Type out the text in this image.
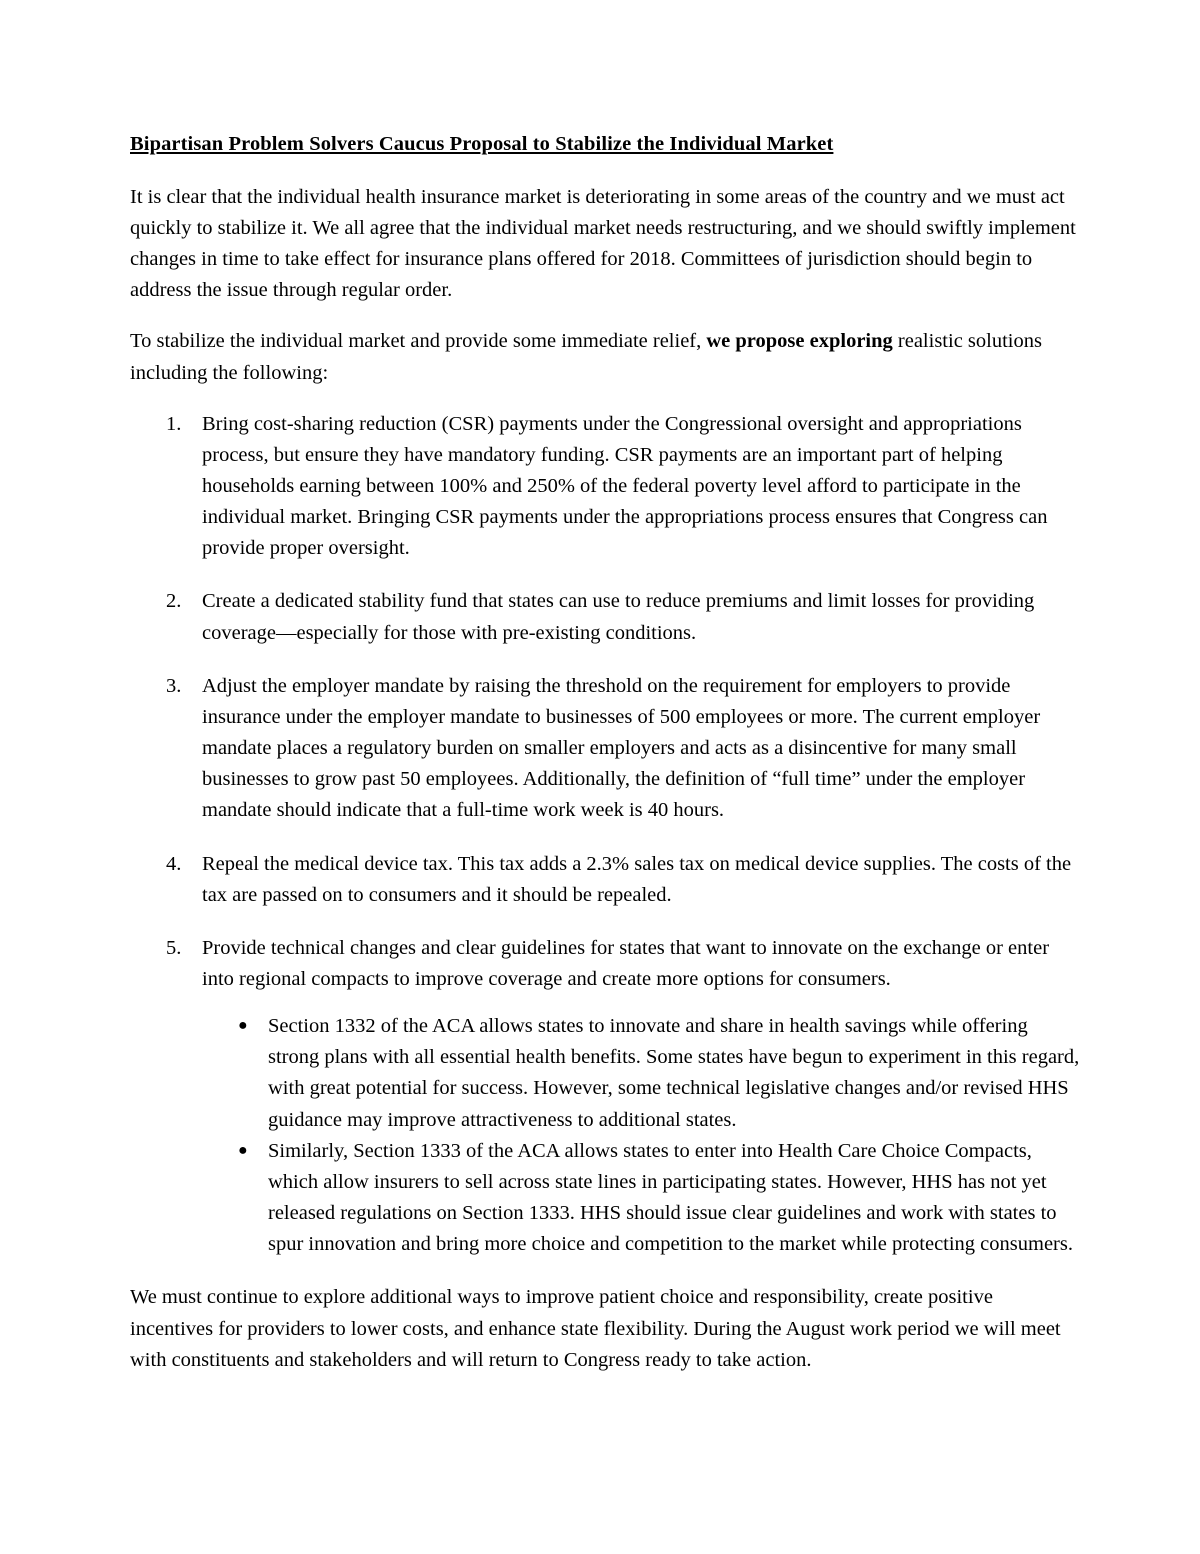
Bipartisan Problem Solvers Caucus Proposal to Stabilize the Individual Market

It is clear that the individual health insurance market is deteriorating in some areas of the country and we must act quickly to stabilize it. We all agree that the individual market needs restructuring, and we should swiftly implement changes in time to take effect for insurance plans offered for 2018. Committees of jurisdiction should begin to address the issue through regular order.

To stabilize the individual market and provide some immediate relief, we propose exploring realistic solutions including the following:

1.	Bring cost-sharing reduction (CSR) payments under the Congressional oversight and appropriations process, but ensure they have mandatory funding. CSR payments are an important part of helping households earning between 100% and 250% of the federal poverty level afford to participate in the individual market. Bringing CSR payments under the appropriations process ensures that Congress can provide proper oversight.
2.	Create a dedicated stability fund that states can use to reduce premiums and limit losses for providing coverage—especially for those with pre-existing conditions.
3.	Adjust the employer mandate by raising the threshold on the requirement for employers to provide insurance under the employer mandate to businesses of 500 employees or more. The current employer mandate places a regulatory burden on smaller employers and acts as a disincentive for many small businesses to grow past 50 employees. Additionally, the definition of “full time” under the employer mandate should indicate that a full-time work week is 40 hours.
4.	Repeal the medical device tax. This tax adds a 2.3% sales tax on medical device supplies. The costs of the tax are passed on to consumers and it should be repealed.
5.	Provide technical changes and clear guidelines for states that want to innovate on the exchange or enter into regional compacts to improve coverage and create more options for consumers.
● Section 1332 of the ACA allows states to innovate and share in health savings while offering strong plans with all essential health benefits. Some states have begun to experiment in this regard, with great potential for success. However, some technical legislative changes and/or revised HHS guidance may improve attractiveness to additional states.
● Similarly, Section 1333 of the ACA allows states to enter into Health Care Choice Compacts, which allow insurers to sell across state lines in participating states. However, HHS has not yet released regulations on Section 1333. HHS should issue clear guidelines and work with states to spur innovation and bring more choice and competition to the market while protecting consumers.

We must continue to explore additional ways to improve patient choice and responsibility, create positive incentives for providers to lower costs, and enhance state flexibility. During the August work period we will meet with constituents and stakeholders and will return to Congress ready to take action.
